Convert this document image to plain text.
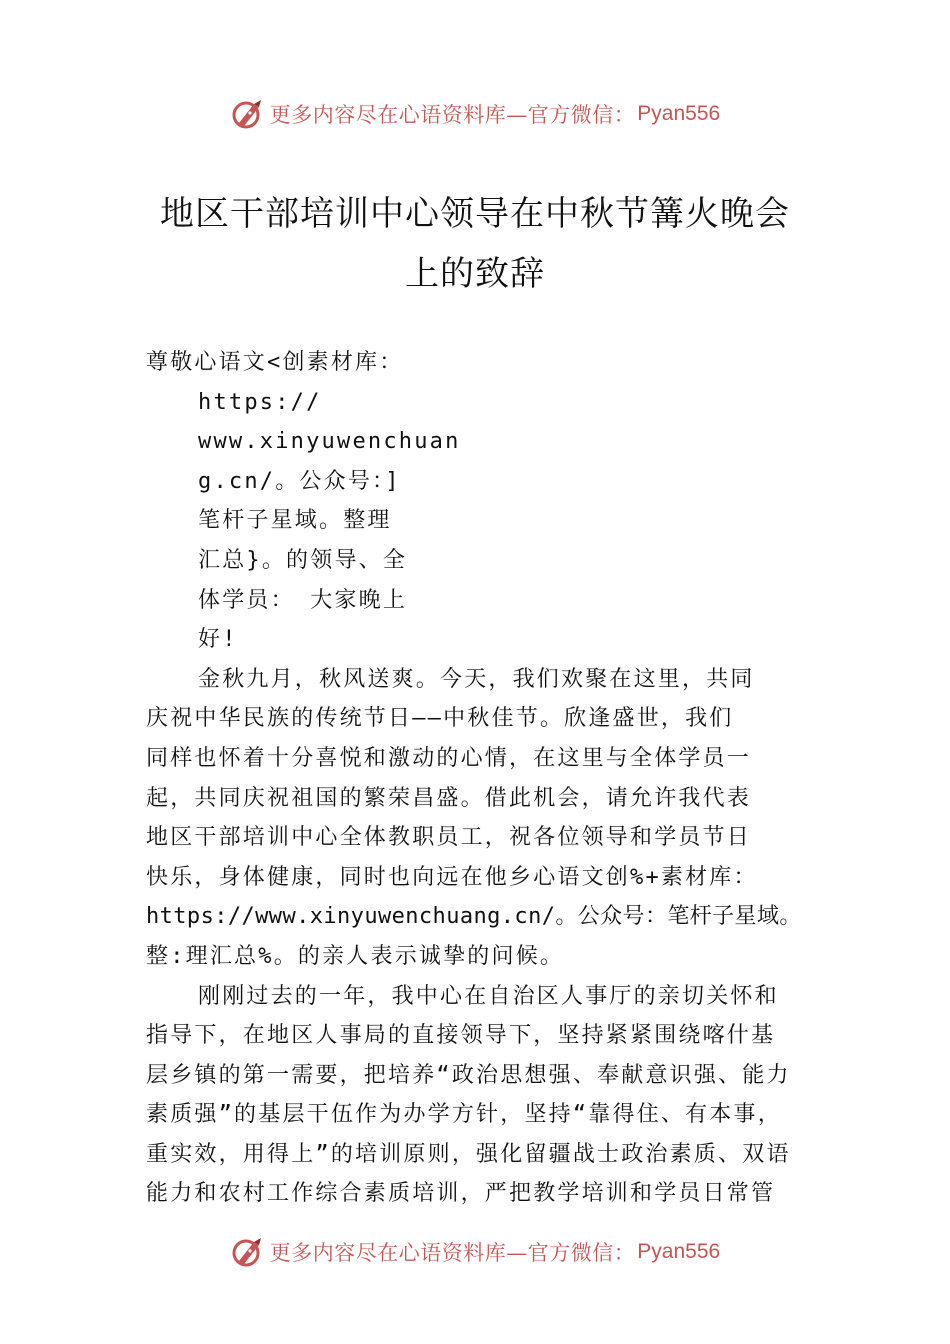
更多内容尽在心语资料库—官方微信： Pyan556
地区干部培训中心领导在中秋节篝火晚会
上的致辞
尊敬心语文<创素材库：
https://
www.xinyuwenchuan
g.cn/。公众号：]
笔杆子星域。整理
汇总}。的领导、全
体学员： 大家晚上
好!
金秋九月，秋风送爽。今天，我们欢聚在这里，共同
庆祝中华民族的传统节日——中秋佳节。欣逢盛世，我们
同样也怀着十分喜悦和激动的心情，在这里与全体学员一
起，共同庆祝祖国的繁荣昌盛。借此机会，请允许我代表
地区干部培训中心全体教职员工，祝各位领导和学员节日
快乐，身体健康，同时也向远在他乡心语文创%+素材库：
https://www.xinyuwenchuang.cn/。公众号：笔杆子星域。
整:理汇总%。的亲人表示诚挚的问候。
刚刚过去的一年，我中心在自治区人事厅的亲切关怀和
指导下，在地区人事局的直接领导下，坚持紧紧围绕喀什基
层乡镇的第一需要，把培养“政治思想强、奉献意识强、能力
素质强”的基层干伍作为办学方针，坚持“靠得住、有本事，
重实效，用得上”的培训原则，强化留疆战士政治素质、双语
能力和农村工作综合素质培训，严把教学培训和学员日常管
更多内容尽在心语资料库—官方微信： Pyan556
